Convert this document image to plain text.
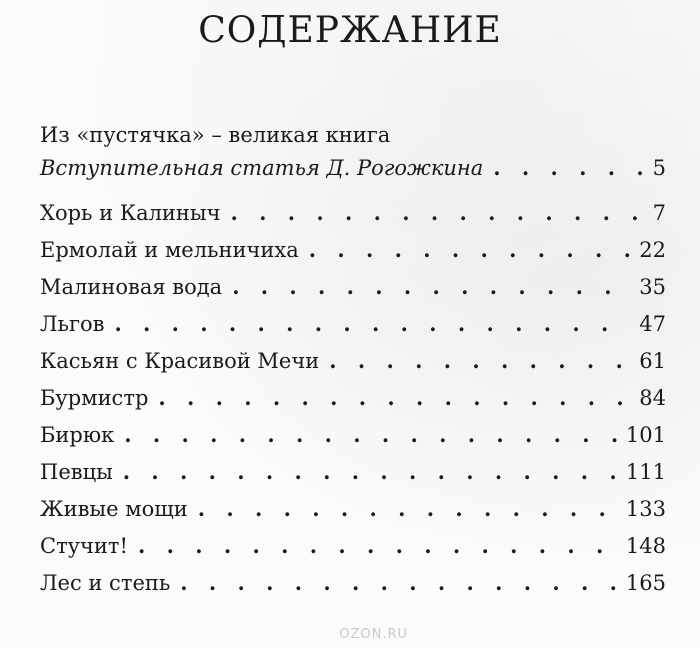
СОДЕРЖАНИЕ
Из «пустячка» – великая книга
Вступительная статья Д. Рогожкина . . .	5
Хорь и Калиныч . . .	7
Ермолай и мельничиха . . .	22
Малиновая вода . . .	35
Льгов . . .	47
Касьян с Красивой Мечи . . .	61
Бурмистр . . .	84
Бирюк . . .	101
Певцы . . .	111
Живые мощи . . .	133
Стучит! . . .	148
Лес и степь . . .	165
OZON.RU
